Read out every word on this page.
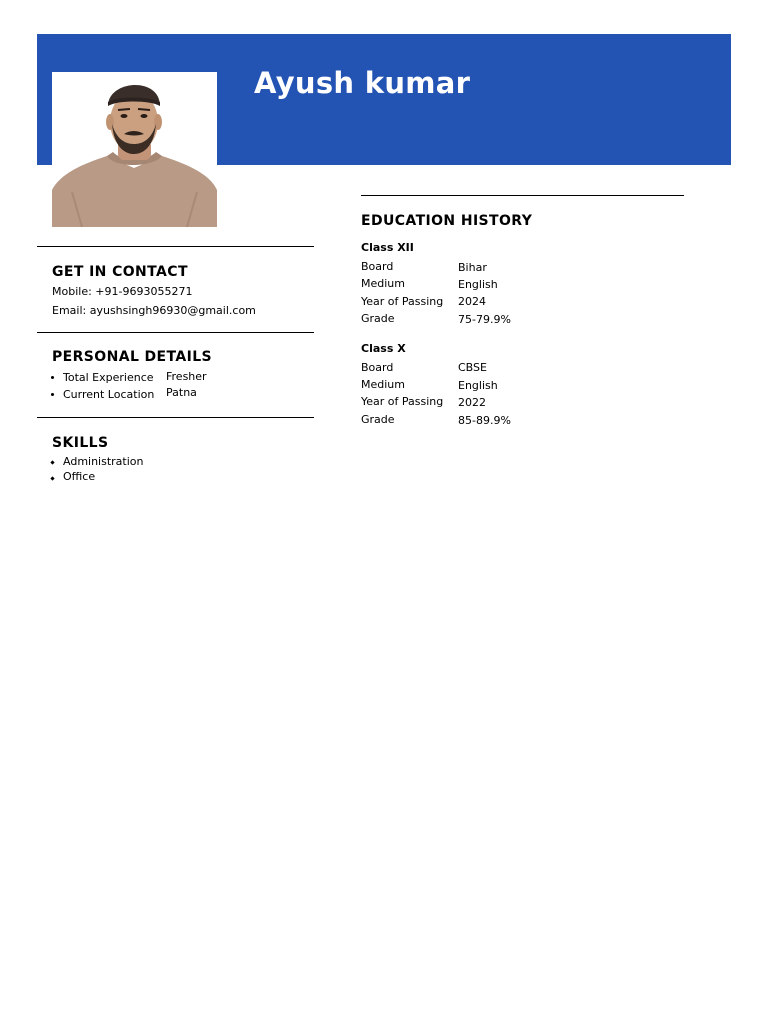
Ayush kumar
GET IN CONTACT
Mobile: +91-9693055271
Email: ayushsingh96930@gmail.com
PERSONAL DETAILS
Total Experience Fresher
Current Location Patna
SKILLS
Administration
Office
EDUCATION HISTORY
Class XII
Board	Bihar
Medium	English
Year of Passing 2024
Grade	75-79.9%
Class X
Board	CBSE
Medium	English
Year of Passing 2022
Grade	85-89.9%
